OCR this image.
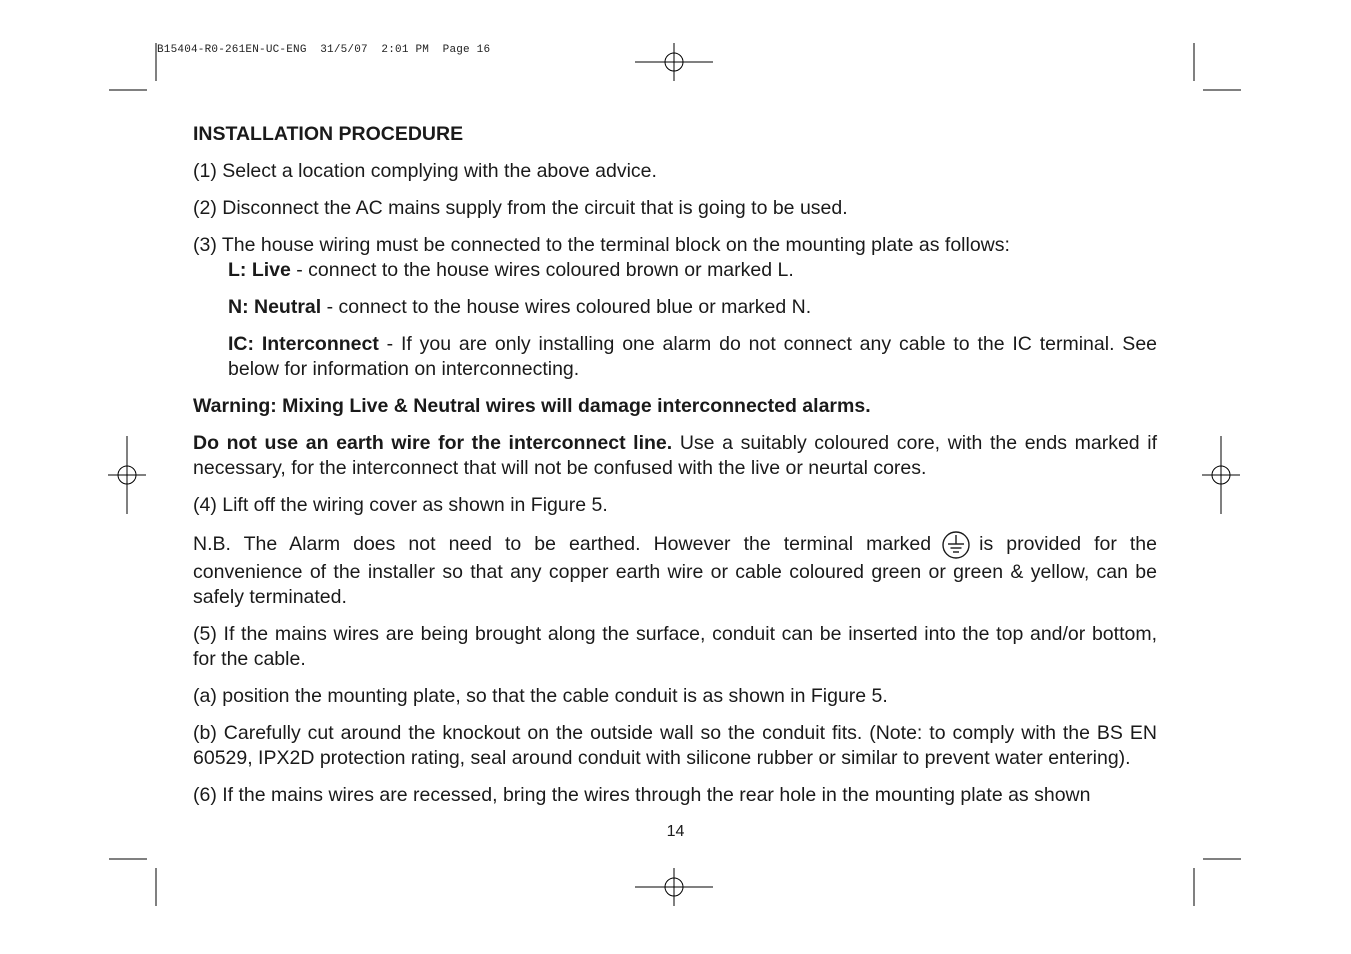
B15404-R0-261EN-UC-ENG  31/5/07  2:01 PM  Page 16

INSTALLATION PROCEDURE

(1) Select a location complying with the above advice.

(2) Disconnect the AC mains supply from the circuit that is going to be used.

(3) The house wiring must be connected to the terminal block on the mounting plate as follows:

L: Live - connect to the house wires coloured brown or marked L.

N: Neutral - connect to the house wires coloured blue or marked N.

IC: Interconnect - If you are only installing one alarm do not connect any cable to the IC terminal. See below for information on interconnecting.

Warning: Mixing Live & Neutral wires will damage interconnected alarms.

Do not use an earth wire for the interconnect line. Use a suitably coloured core, with the ends marked if necessary, for the interconnect that will not be confused with the live or neurtal cores.

(4) Lift off the wiring cover as shown in Figure 5.

N.B. The Alarm does not need to be earthed. However the terminal marked is provided for the convenience of the installer so that any copper earth wire or cable coloured green or green & yellow, can be safely terminated.

(5) If the mains wires are being brought along the surface, conduit can be inserted into the top and/or bottom, for the cable.

(a) position the mounting plate, so that the cable conduit is as shown in Figure 5.

(b) Carefully cut around the knockout on the outside wall so the conduit fits. (Note: to comply with the BS EN 60529, IPX2D protection rating, seal around conduit with silicone rubber or similar to prevent water entering).

(6) If the mains wires are recessed, bring the wires through the rear hole in the mounting plate as shown

14
